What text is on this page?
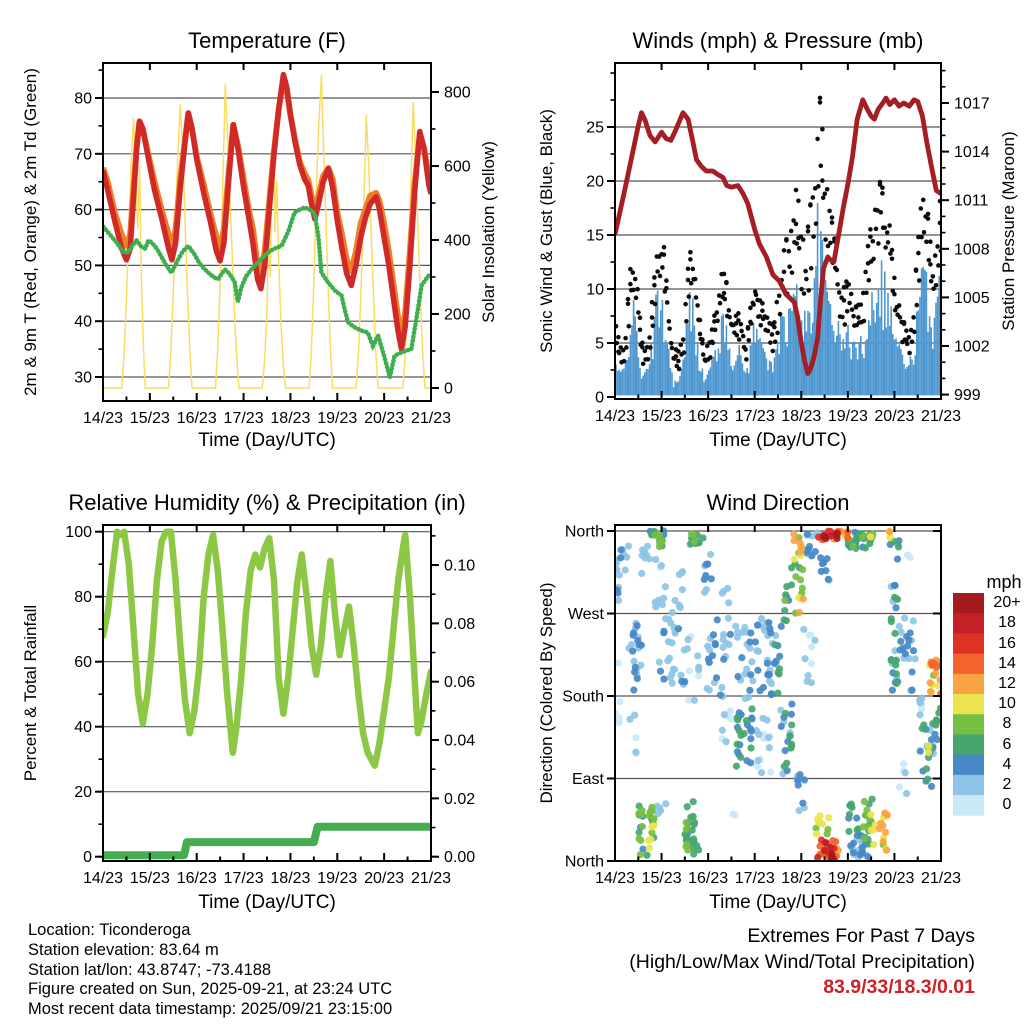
14/23 15/23 16/23 17/23 18/23 19/23 20/23 21/23
30
40
50
60
70
80
0
200
400
600
800
14/23 15/23 16/23 17/23 18/23 19/23 20/23 21/23
0
5
10
15
20
25
999
1002
1005
1008
1011
1014
1017
14/23 15/23 16/23 17/23 18/23 19/23 20/23 21/23
0
20
40
60
80
100
0.00
0.02
0.04
0.06
0.08
0.10
14/23 15/23 16/23 17/23 18/23 19/23 20/23 21/23
North
West
South
East
North
Temperature (F)	Winds (mph) & Pressure (mb)
Relative Humidity (%) & Precipitation (in)	Wind Direction
Time (Day/UTC)	Time (Day/UTC)
Time (Day/UTC)	Time (Day/UTC)
2m & 9m T (Red, Orange) & 2m Td (Green)	Solar Insolation (Yellow) Sonic Wind & Gust (Blue, Black)	Station Pressure (Maroon)
Percent & Total Rainfall	Direction (Colored By Speed)
mph
20+
18
16
14
12
10
8
6
4
2
0
Location: Ticonderoga
Station elevation: 83.64 m
Station lat/lon: 43.8747; -73.4188
Figure created on Sun, 2025-09-21, at 23:24 UTC
Most recent data timestamp: 2025/09/21 23:15:00
Extremes For Past 7 Days
(High/Low/Max Wind/Total Precipitation)
83.9/33/18.3/0.01
